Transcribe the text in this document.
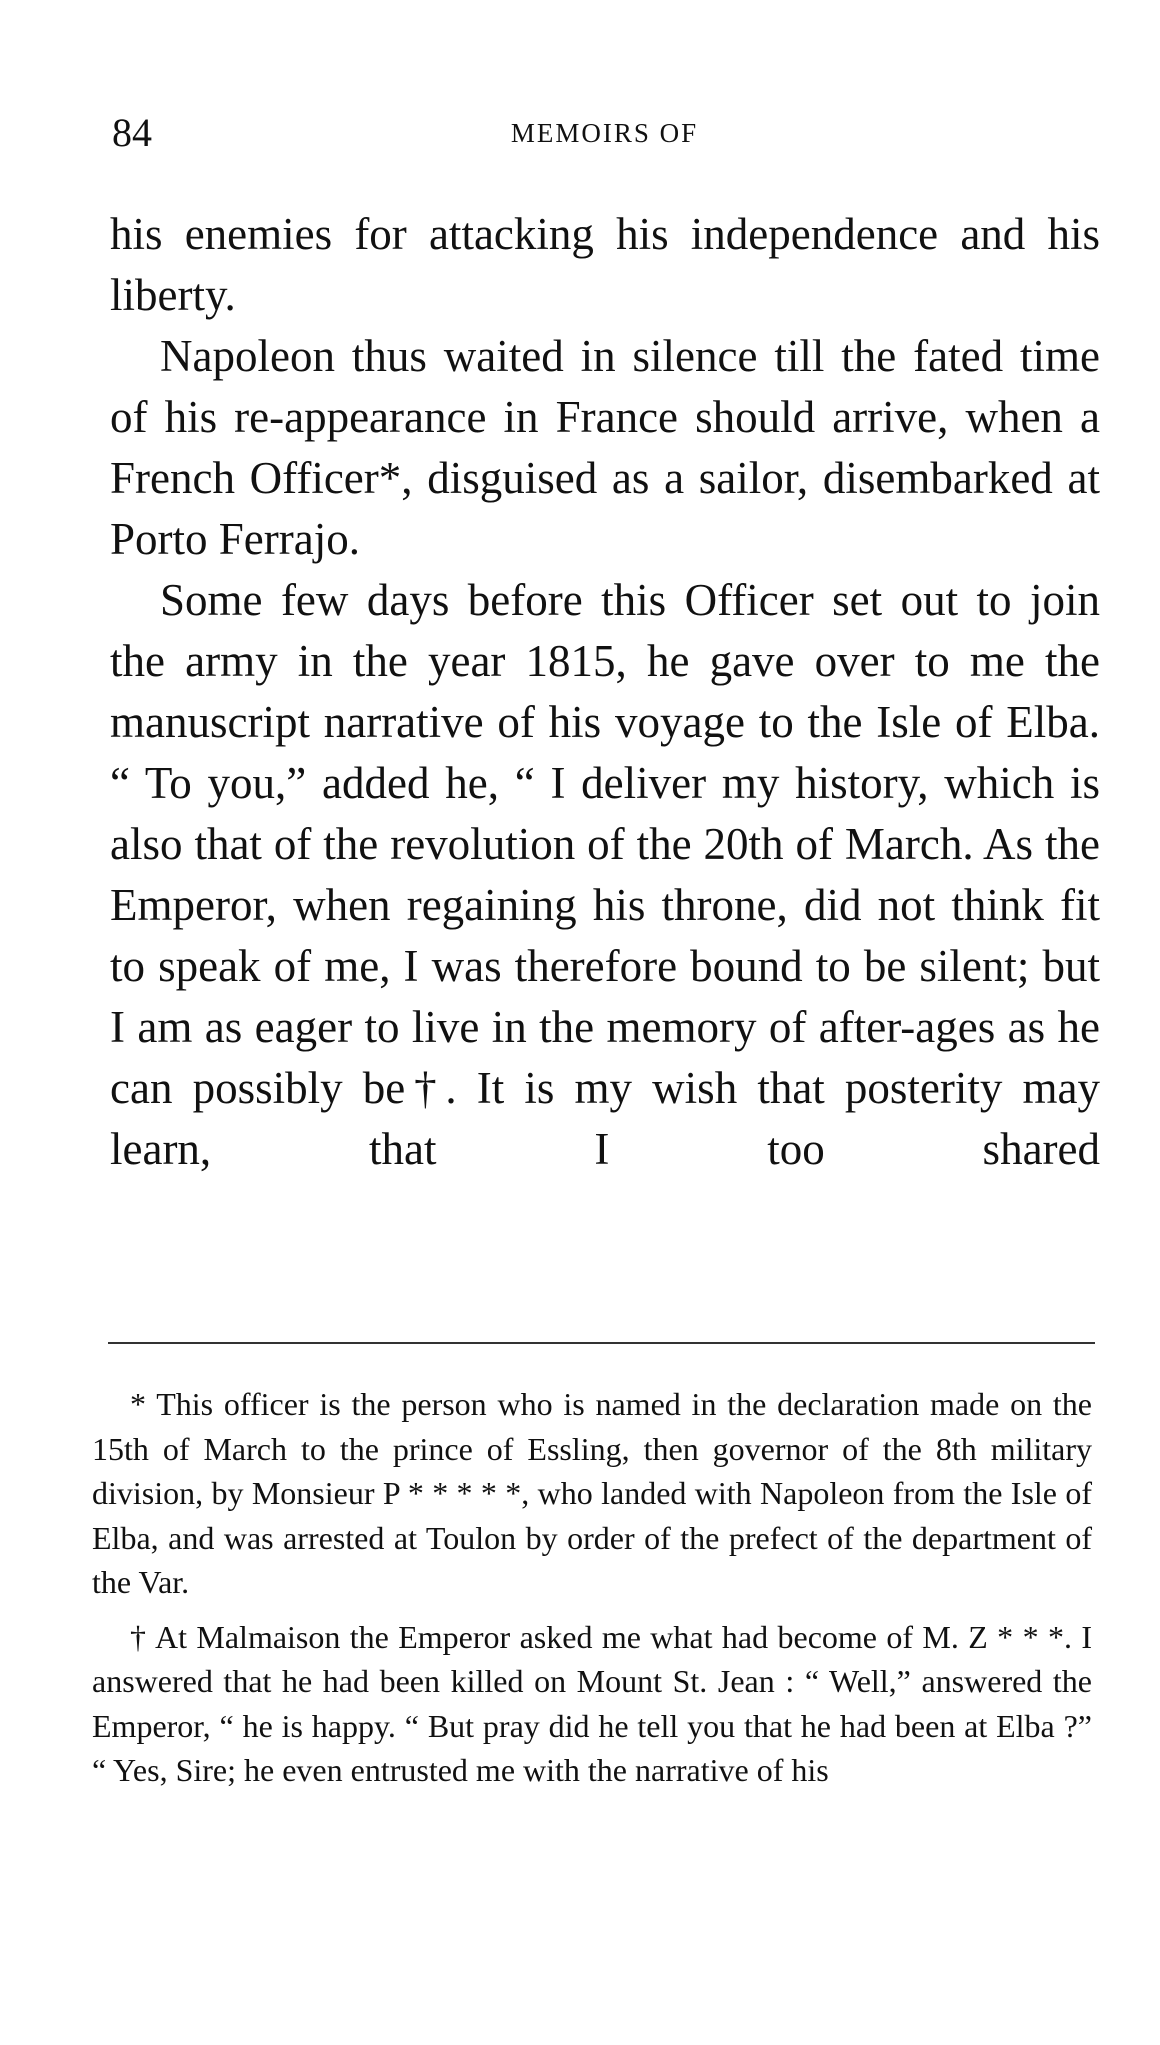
84	MEMOIRS OF

his enemies for attacking his independence and his liberty.

Napoleon thus waited in silence till the fated time of his re-appearance in France should arrive, when a French Officer*, disguised as a sailor, disembarked at Porto Ferrajo.

Some few days before this Officer set out to join the army in the year 1815, he gave over to me the manuscript narrative of his voyage to the Isle of Elba. “ To you,” added he, “ I deliver my history, which is also that of the revolution of the 20th of March. As the Emperor, when regaining his throne, did not think fit to speak of me, I was therefore bound to be silent; but I am as eager to live in the memory of after-ages as he can possibly be†. It is my wish that posterity may learn, that I too shared

* This officer is the person who is named in the declaration made on the 15th of March to the prince of Essling, then governor of the 8th military division, by Monsieur P * * * * *, who landed with Napoleon from the Isle of Elba, and was arrested at Toulon by order of the prefect of the department of the Var.

† At Malmaison the Emperor asked me what had become of M. Z * * *. I answered that he had been killed on Mount St. Jean : “ Well,” answered the Emperor, “ he is happy. “ But pray did he tell you that he had been at Elba ?” “ Yes, Sire; he even entrusted me with the narrative of his
